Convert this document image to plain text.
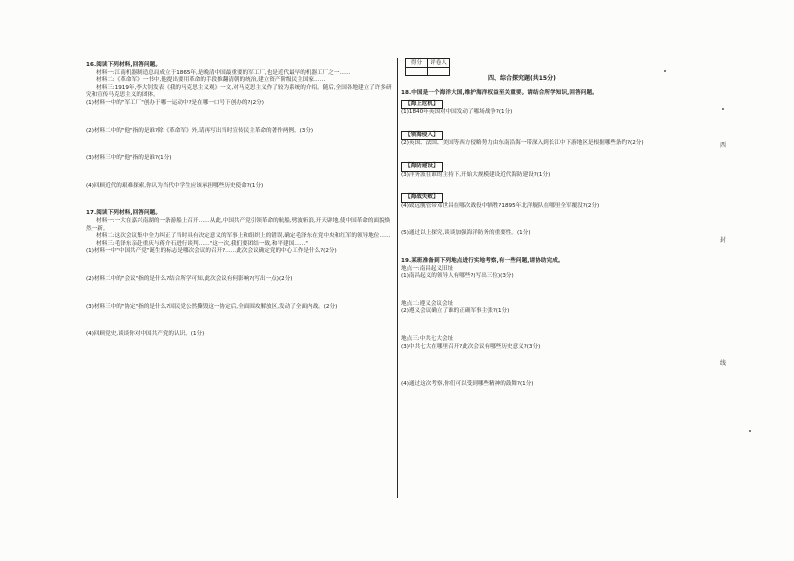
16.阅读下列材料,回答问题。
材料一:江南机器制造总局成立于1865年,是晚清中国最重要的军工厂,也是近代最早的机器工厂之一……
材料二:《革命军》一书中,他提出要用革命的手段推翻清朝的统治,建立资产阶级民主国家……
材料三:1919年,李大钊发表《我的马克思主义观》一文,对马克思主义作了较为系统的介绍。随后,全国各地建立了许多研究和宣传马克思主义的团体。
(1)材料一中的"军工厂"创办于哪一运动中?是在哪一口号下创办的?(2分)
(2)材料二中的"他"指的是谁?除《革命军》外,请再写出当时宣传民主革命的著作两例。(3分)
(3)材料三中的"他"指的是谁?(1分)
(4)回顾近代的艰难探索,你认为当代中学生应该承担哪些历史使命?(1分)
17.阅读下列材料,回答问题。
材料一:一大在嘉兴南湖的一条游船上召开……从此,中国共产党引领革命的航船,劈波斩浪,开天辟地,使中国革命的面貌焕然一新。
材料二:这次会议集中全力纠正了当时具有决定意义的军事上和组织上的错误,确定毛泽东在党中央和红军的领导地位……
材料三:毛泽东亲赴重庆与蒋介石进行谈判……"这一次,我们要团结一致,和平建国……"
(1)材料一中"中国共产党"诞生的标志是哪次会议的召开?……此次会议确定党的中心工作是什么?(2分)
(2)材料二中的"会议"指的是什么?结合所学可知,此次会议有何影响?(写出一点)(2分)
(3)材料三中的"协定"指的是什么?国民党公然撕毁这一协定后,全面围攻解放区,发动了全面内战。(2分)
(4)回顾党史,谈谈你对中国共产党的认识。(1分)
得分	评卷人

四、综合探究题(共15分)
18.中国是一个海洋大国,维护海洋权益至关重要。请结合所学知识,回答问题。
【海上危机】
(1)1840年英国对中国发动了哪场战争?(1分)
【领海侵入】
(2)英国、法国、美国等西方侵略势力由东南沿海一带深入到长江中下游地区是根据哪些条约?(2分)
【海防建设】
(3)洋务派在谁的主持下,开始大规模建设近代海防建设?(1分)
【海战失败】
(4)致远舰管带邓世昌在哪次战役中牺牲?1895年北洋舰队在哪里全军覆没?(2分)
(5)通过以上探究,谈谈加强海洋防务的重要性。(1分)
19.某班准备到下列地点进行实地考察,有一些问题,请协助完成。
地点一:南昌起义旧址
(1)南昌起义的领导人有哪些?(写出三位)(3分)
地点二:遵义会议会址
(2)遵义会议确立了谁的正确军事主张?(1分)
地点三:中共七大会址
(3)中共七大在哪里召开?此次会议有哪些历史意义?(3分)
(4)通过这次考察,你们可以受到哪些精神的鼓舞?(1分)
西
封
线
